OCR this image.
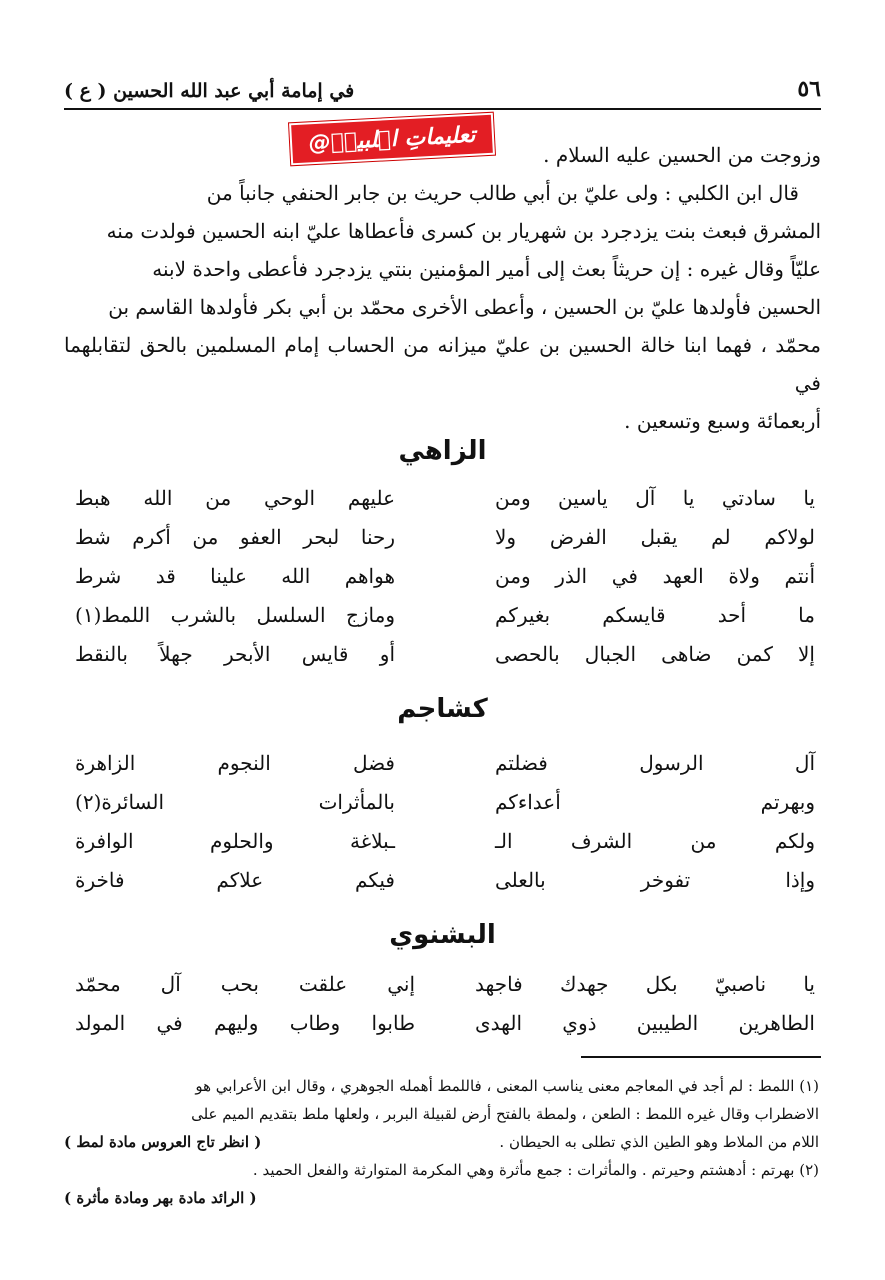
٥٦
في إمامة أبي عبد الله الحسين ( ع )

وزوجت من الحسين عليه السلام .

قال ابن الكلبي : ولى عليّ بن أبي طالب حريث بن جابر الحنفي جانباً من

المشرق فبعث بنت يزدجرد بن شهريار بن كسرى فأعطاها عليّ ابنه الحسين فولدت منه

عليّاً وقال غيره : إن حريثاً بعث إلى أمير المؤمنين بنتي يزدجرد فأعطى واحدة لابنه

الحسين فأولدها عليّ بن الحسين ، وأعطى الأخرى محمّد بن أبي بكر فأولدها القاسم بن

محمّد ، فهما ابنا خالة الحسين بن عليّ ميزانه من الحساب إمام المسلمين بالحق لتقابلهما في

أربعمائة وسبع وتسعين .

@تعليماتِ اہلبیتؑ
الزاهي
يا سادتي يا آل ياسين ومن
عليهم الوحي من الله هبط
لولاكم لم يقبل الفرض ولا
رحنا لبحر العفو من أكرم شط
أنتم ولاة العهد في الذر ومن
هواهم الله علينا قد شرط
ما أحد قايسكم بغيركم
ومازج السلسل بالشرب اللمط(١)
إلا كمن ضاهى الجبال بالحصى
أو قايس الأبحر جهلاً بالنقط
كشاجم
آل الرسول فضلتم
فضل النجوم الزاهرة
وبهرتم أعداءكم
بالمأثرات السائرة(٢)
ولكم من الشرف الـ
ـبلاغة والحلوم الوافرة
وإذا تفوخر بالعلى
فيكم علاكم فاخرة
البشنوي
يا ناصبيّ بكل جهدك فاجهد
إني علقت بحب آل محمّد
الطاهرين الطيبين ذوي الهدى
طابوا وطاب وليهم في المولد

(١) اللمط : لم أجد في المعاجم معنى يناسب المعنى ، فاللمط أهمله الجوهري ، وقال ابن الأعرابي هو

الاضطراب وقال غيره اللمط : الطعن ، ولمطة بالفتح أرض لقبيلة البربر ، ولعلها ملط بتقديم الميم على

اللام من الملاط وهو الطين الذي تطلى به الحيطان .
( انظر تاج العروس مادة لمط )

(٢) بهرتم : أدهشتم وحيرتم . والمأثرات : جمع مأثرة وهي المكرمة المتوارثة والفعل الحميد .

( الرائد مادة بهر ومادة مأثرة )
